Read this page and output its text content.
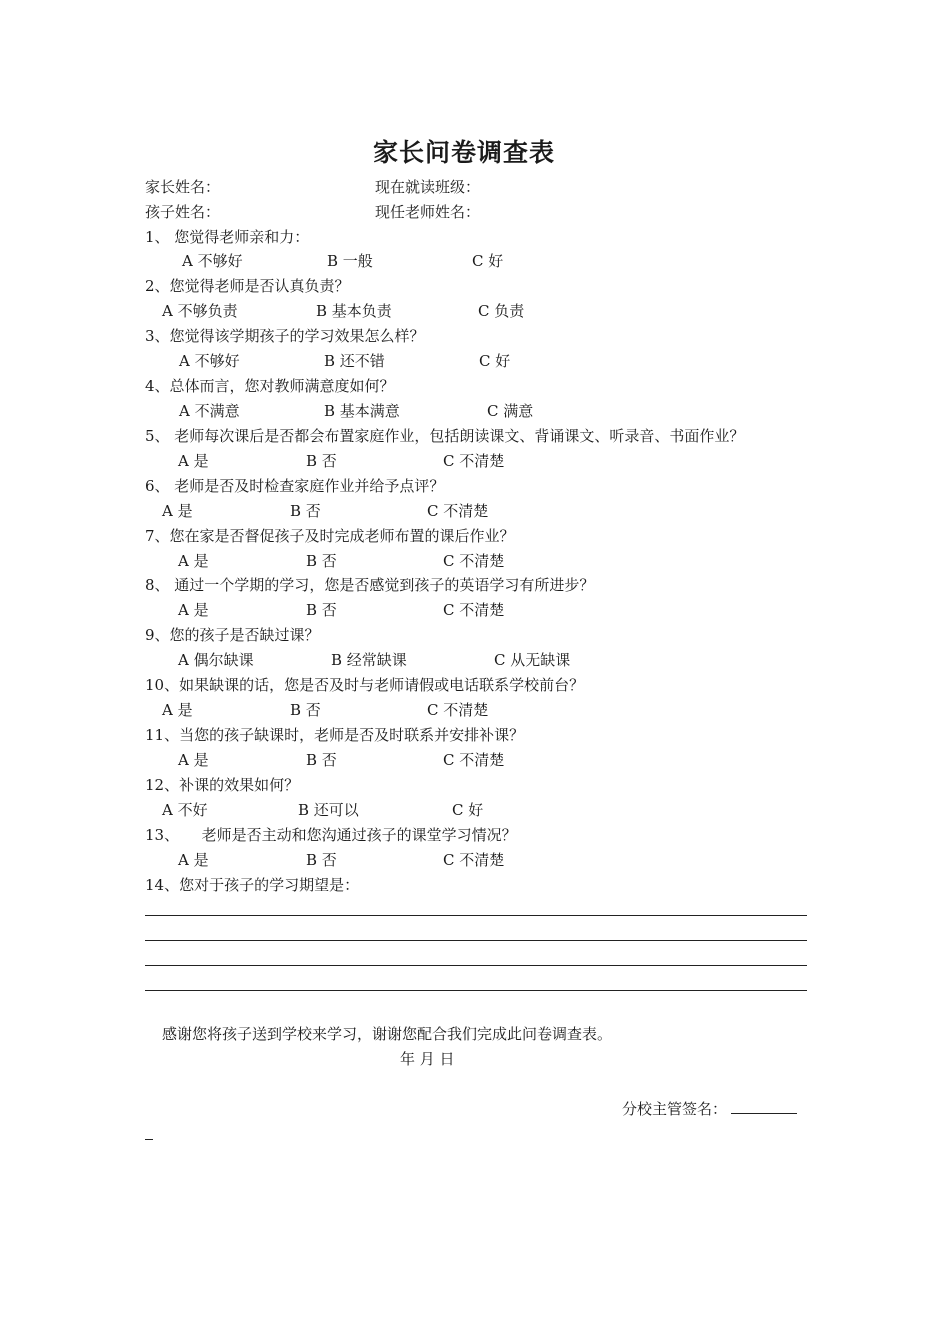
家长问卷调查表
家长姓名：	现在就读班级：
孩子姓名：	现任老师姓名：
1、 您觉得老师亲和力：
A 不够好	B 一般	C 好
2、您觉得老师是否认真负责？
A 不够负责	B 基本负责	C 负责
3、您觉得该学期孩子的学习效果怎么样？
A 不够好	B 还不错	C 好
4、总体而言，您对教师满意度如何？
A 不满意	B 基本满意	C 满意
5、 老师每次课后是否都会布置家庭作业，包括朗读课文、背诵课文、听录音、书面作业？
A 是	B 否	C 不清楚
6、 老师是否及时检查家庭作业并给予点评？
A 是	B 否	C 不清楚
7、您在家是否督促孩子及时完成老师布置的课后作业？
A 是	B 否	C 不清楚
8、 通过一个学期的学习，您是否感觉到孩子的英语学习有所进步？
A 是	B 否	C 不清楚
9、您的孩子是否缺过课？
A 偶尔缺课	B 经常缺课	C 从无缺课
10、如果缺课的话，您是否及时与老师请假或电话联系学校前台？
A 是	B 否	C 不清楚
11、当您的孩子缺课时，老师是否及时联系并安排补课？
A 是	B 否	C 不清楚
12、补课的效果如何？
A 不好	B 还可以	C 好
13、　　老师是否主动和您沟通过孩子的课堂学习情况？
A 是	B 否	C 不清楚
14、您对于孩子的学习期望是：
感谢您将孩子送到学校来学习，谢谢您配合我们完成此问卷调查表。
年 月 日
分校主管签名：
